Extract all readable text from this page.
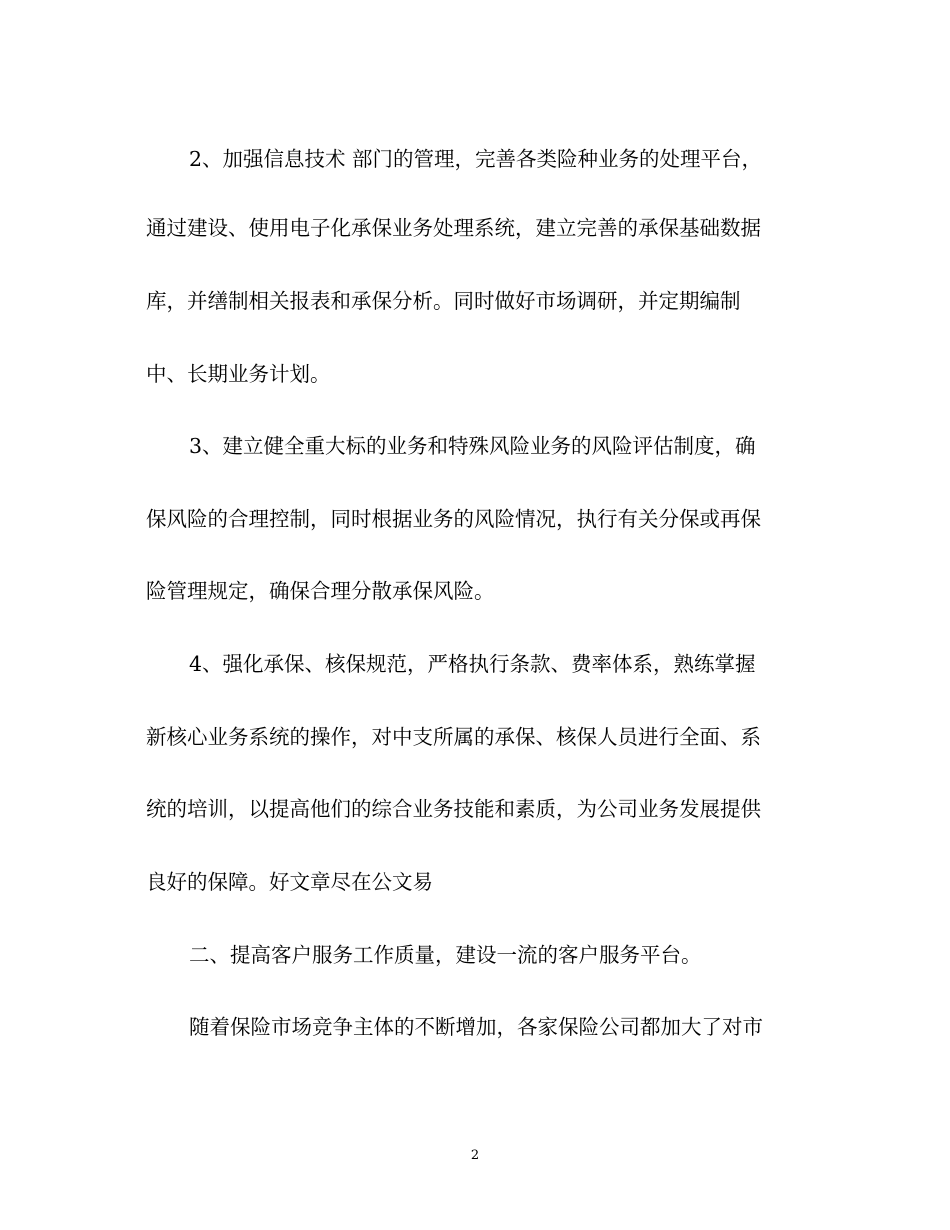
2、加强信息技术 部门的管理，完善各类险种业务的处理平台，

通过建设、使用电子化承保业务处理系统，建立完善的承保基础数据

库，并缮制相关报表和承保分析。同时做好市场调研，并定期编制

中、长期业务计划。

3、建立健全重大标的业务和特殊风险业务的风险评估制度，确

保风险的合理控制，同时根据业务的风险情况，执行有关分保或再保

险管理规定，确保合理分散承保风险。

4、强化承保、核保规范，严格执行条款、费率体系，熟练掌握

新核心业务系统的操作，对中支所属的承保、核保人员进行全面、系

统的培训，以提高他们的综合业务技能和素质，为公司业务发展提供

良好的保障。好文章尽在公文易

二、提高客户服务工作质量，建设一流的客户服务平台。

随着保险市场竞争主体的不断增加，各家保险公司都加大了对市

2
